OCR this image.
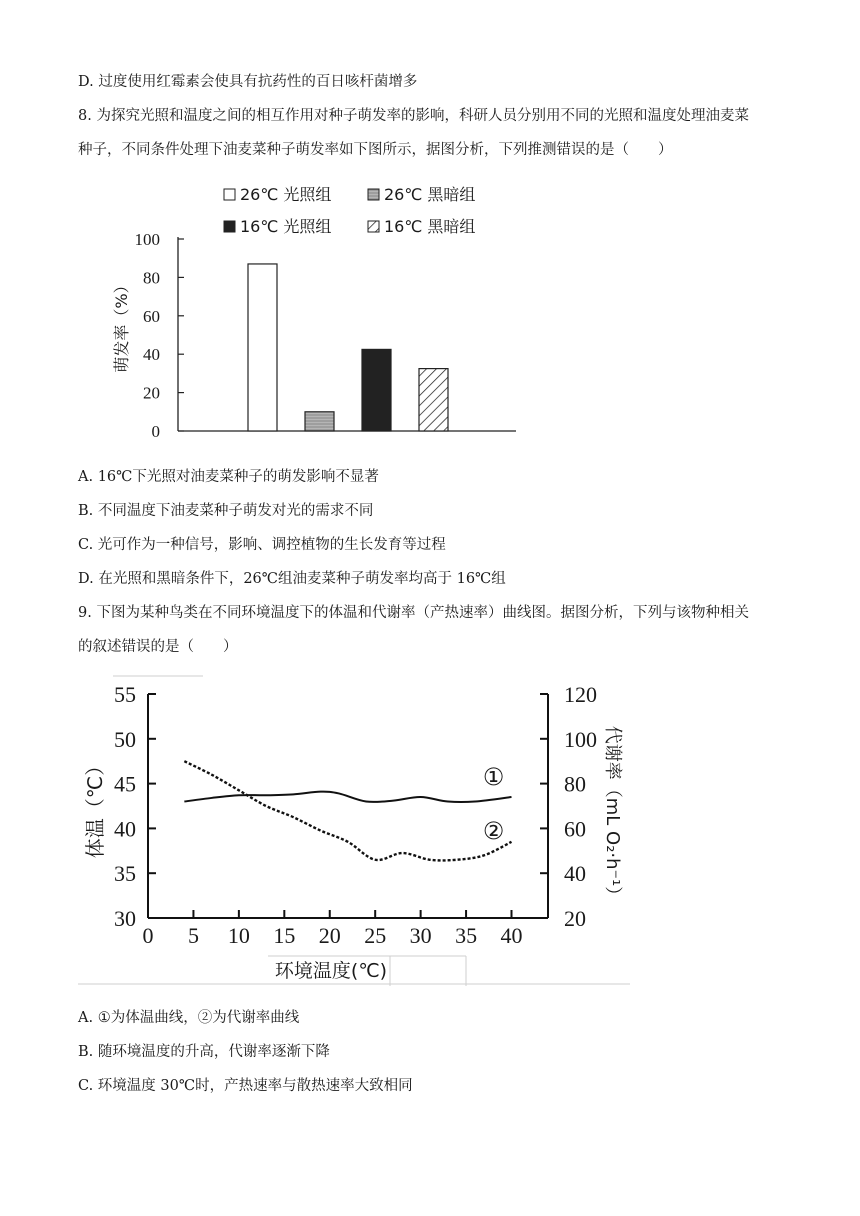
D. 过度使用红霉素会使具有抗药性的百日咳杆菌增多
8. 为探究光照和温度之间的相互作用对种子萌发率的影响，科研人员分别用不同的光照和温度处理油麦菜
种子，不同条件处理下油麦菜种子萌发率如下图所示，据图分析，下列推测错误的是（　　）
26℃ 光照组	26℃ 黑暗组
16℃ 光照组	16℃ 黑暗组
0
20
40
60
80
100
萌发率（%）
A. 16℃下光照对油麦菜种子的萌发影响不显著
B. 不同温度下油麦菜种子萌发对光的需求不同
C. 光可作为一种信号，影响、调控植物的生长发育等过程
D. 在光照和黑暗条件下，26℃组油麦菜种子萌发率均高于 16℃组
9. 下图为某种鸟类在不同环境温度下的体温和代谢率（产热速率）曲线图。据图分析，下列与该物种相关
的叙述错误的是（　　）
30
35
40
45
50
55
20
40
60
80
100
120
0 5 10 15 20 25 30 35 40
①
②
体温（℃）	代谢率（mL O₂·h⁻¹）
环境温度(℃)
A. ①为体温曲线，②为代谢率曲线
B. 随环境温度的升高，代谢率逐渐下降
C. 环境温度 30℃时，产热速率与散热速率大致相同
